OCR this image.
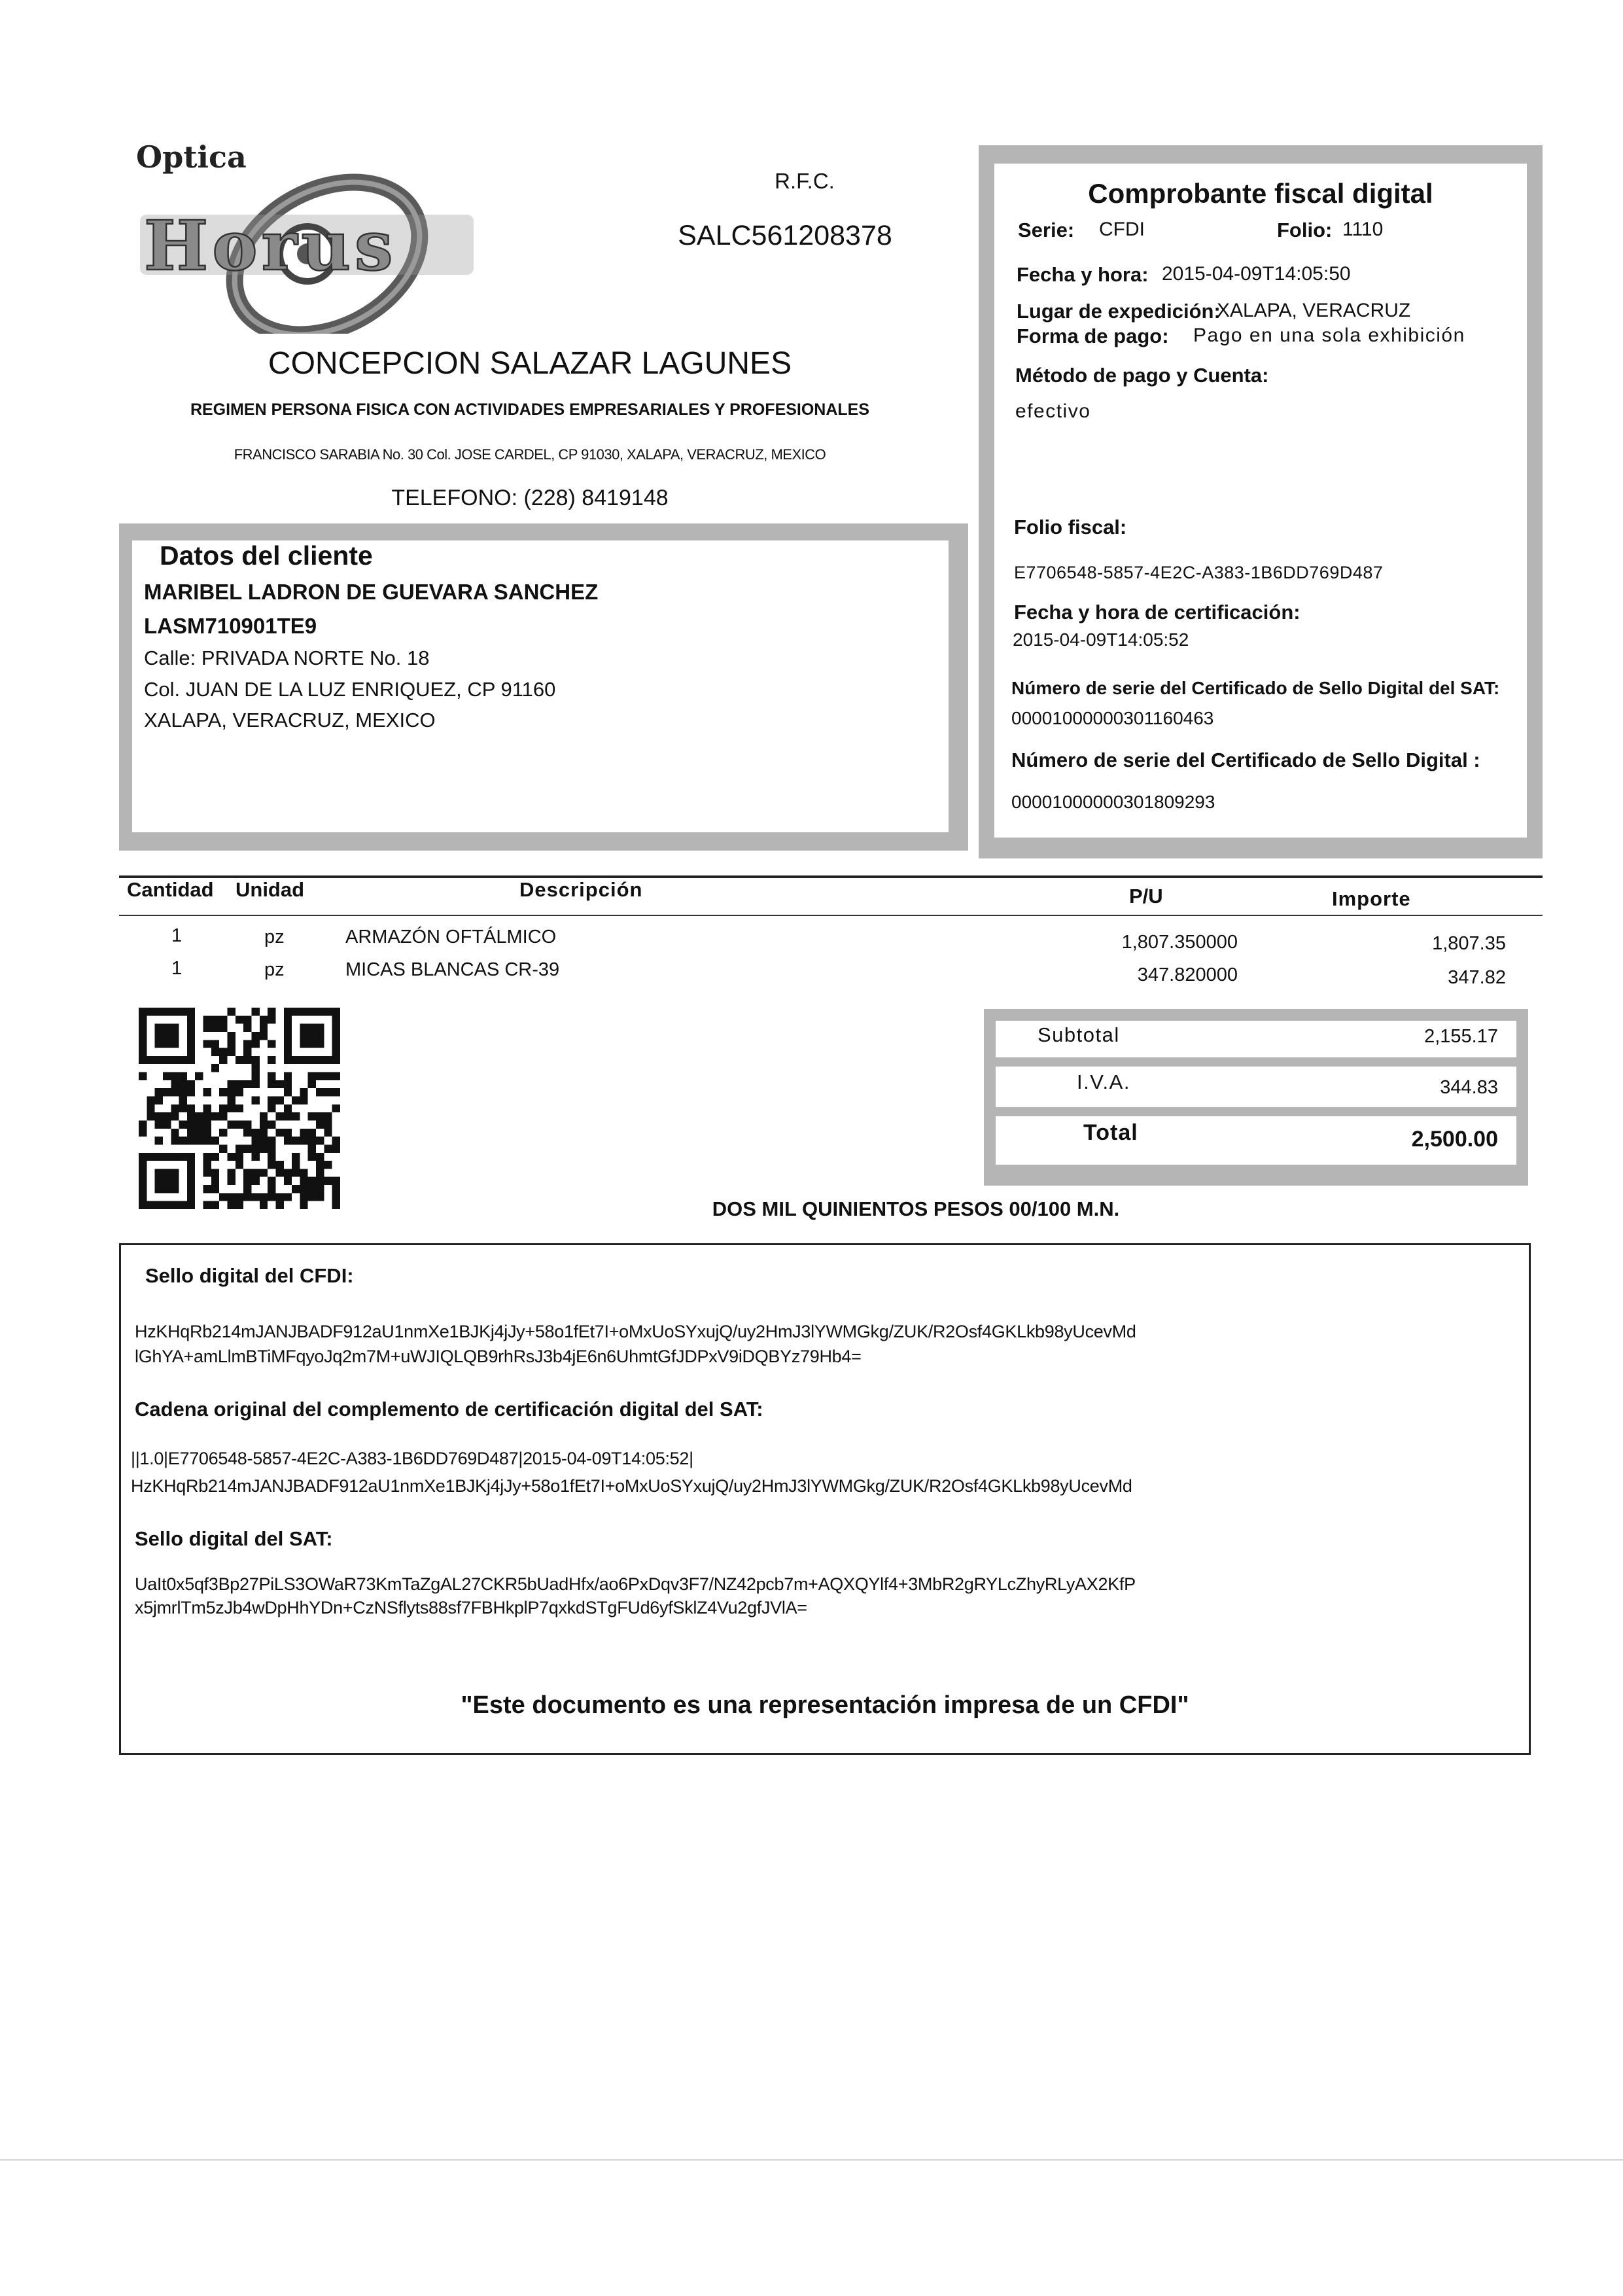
Optica
Horus
R.F.C.
SALC561208378
CONCEPCION SALAZAR LAGUNES
REGIMEN PERSONA FISICA CON ACTIVIDADES EMPRESARIALES Y PROFESIONALES
FRANCISCO SARABIA No. 30 Col. JOSE CARDEL, CP 91030, XALAPA, VERACRUZ, MEXICO
TELEFONO: (228) 8419148
Datos del cliente
MARIBEL LADRON DE GUEVARA SANCHEZ
LASM710901TE9
Calle: PRIVADA NORTE No. 18
Col. JUAN DE LA LUZ ENRIQUEZ, CP 91160
XALAPA, VERACRUZ, MEXICO
Comprobante fiscal digital
Serie: CFDI	Folio: 1110
Fecha y hora: 2015-04-09T14:05:50
Lugar de expedición:
XALAPA, VERACRUZ
Forma de pago: Pago en una sola exhibición
Método de pago y Cuenta:
efectivo
Folio fiscal:
E7706548-5857-4E2C-A383-1B6DD769D487
Fecha y hora de certificación:
2015-04-09T14:05:52
Número de serie del Certificado de Sello Digital del SAT:
00001000000301160463
Número de serie del Certificado de Sello Digital :
00001000000301809293
Cantidad Unidad	Descripción	P/U	Importe
1	pz	ARMAZÓN OFTÁLMICO	1,807.350000	1,807.35
1	pz	MICAS BLANCAS CR-39	347.820000	347.82
Subtotal	2,155.17
I.V.A.	344.83
Total	2,500.00
DOS MIL QUINIENTOS PESOS 00/100 M.N.
Sello digital del CFDI:
HzKHqRb214mJANJBADF912aU1nmXe1BJKj4jJy+58o1fEt7I+oMxUoSYxujQ/uy2HmJ3lYWMGkg/ZUK/R2Osf4GKLkb98yUcevMd
lGhYA+amLlmBTiMFqyoJq2m7M+uWJIQLQB9rhRsJ3b4jE6n6UhmtGfJDPxV9iDQBYz79Hb4=
Cadena original del complemento de certificación digital del SAT:
||1.0|E7706548-5857-4E2C-A383-1B6DD769D487|2015-04-09T14:05:52|
HzKHqRb214mJANJBADF912aU1nmXe1BJKj4jJy+58o1fEt7I+oMxUoSYxujQ/uy2HmJ3lYWMGkg/ZUK/R2Osf4GKLkb98yUcevMd
Sello digital del SAT:
UaIt0x5qf3Bp27PiLS3OWaR73KmTaZgAL27CKR5bUadHfx/ao6PxDqv3F7/NZ42pcb7m+AQXQYlf4+3MbR2gRYLcZhyRLyAX2KfP
x5jmrlTm5zJb4wDpHhYDn+CzNSflyts88sf7FBHkplP7qxkdSTgFUd6yfSklZ4Vu2gfJVlA=
"Este documento es una representación impresa de un CFDI"
